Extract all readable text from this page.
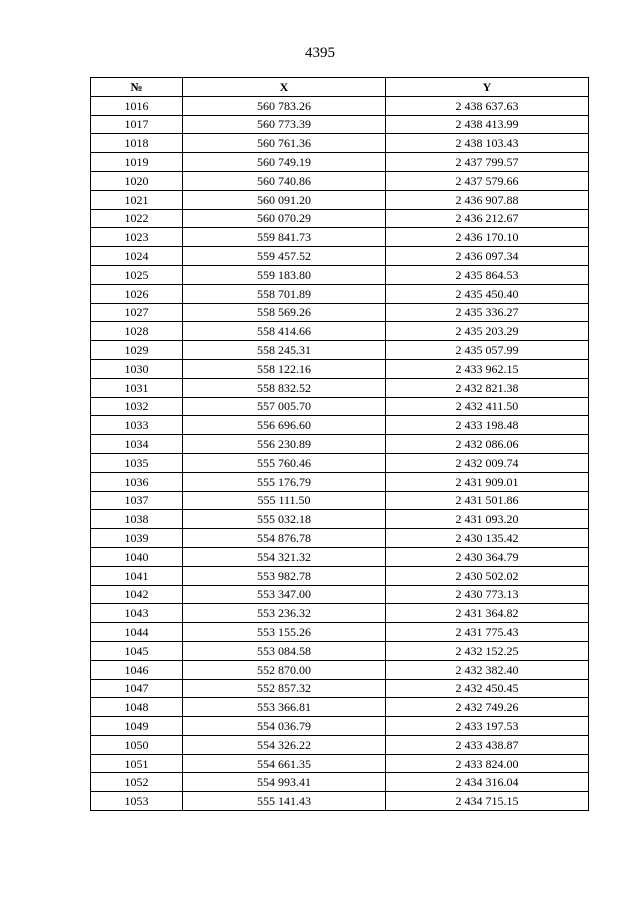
4395
№	X	Y
1016	560 783.26	2 438 637.63
1017	560 773.39	2 438 413.99
1018	560 761.36	2 438 103.43
1019	560 749.19	2 437 799.57
1020	560 740.86	2 437 579.66
1021	560 091.20	2 436 907.88
1022	560 070.29	2 436 212.67
1023	559 841.73	2 436 170.10
1024	559 457.52	2 436 097.34
1025	559 183.80	2 435 864.53
1026	558 701.89	2 435 450.40
1027	558 569.26	2 435 336.27
1028	558 414.66	2 435 203.29
1029	558 245.31	2 435 057.99
1030	558 122.16	2 433 962.15
1031	558 832.52	2 432 821.38
1032	557 005.70	2 432 411.50
1033	556 696.60	2 433 198.48
1034	556 230.89	2 432 086.06
1035	555 760.46	2 432 009.74
1036	555 176.79	2 431 909.01
1037	555 111.50	2 431 501.86
1038	555 032.18	2 431 093.20
1039	554 876.78	2 430 135.42
1040	554 321.32	2 430 364.79
1041	553 982.78	2 430 502.02
1042	553 347.00	2 430 773.13
1043	553 236.32	2 431 364.82
1044	553 155.26	2 431 775.43
1045	553 084.58	2 432 152.25
1046	552 870.00	2 432 382.40
1047	552 857.32	2 432 450.45
1048	553 366.81	2 432 749.26
1049	554 036.79	2 433 197.53
1050	554 326.22	2 433 438.87
1051	554 661.35	2 433 824.00
1052	554 993.41	2 434 316.04
1053	555 141.43	2 434 715.15
